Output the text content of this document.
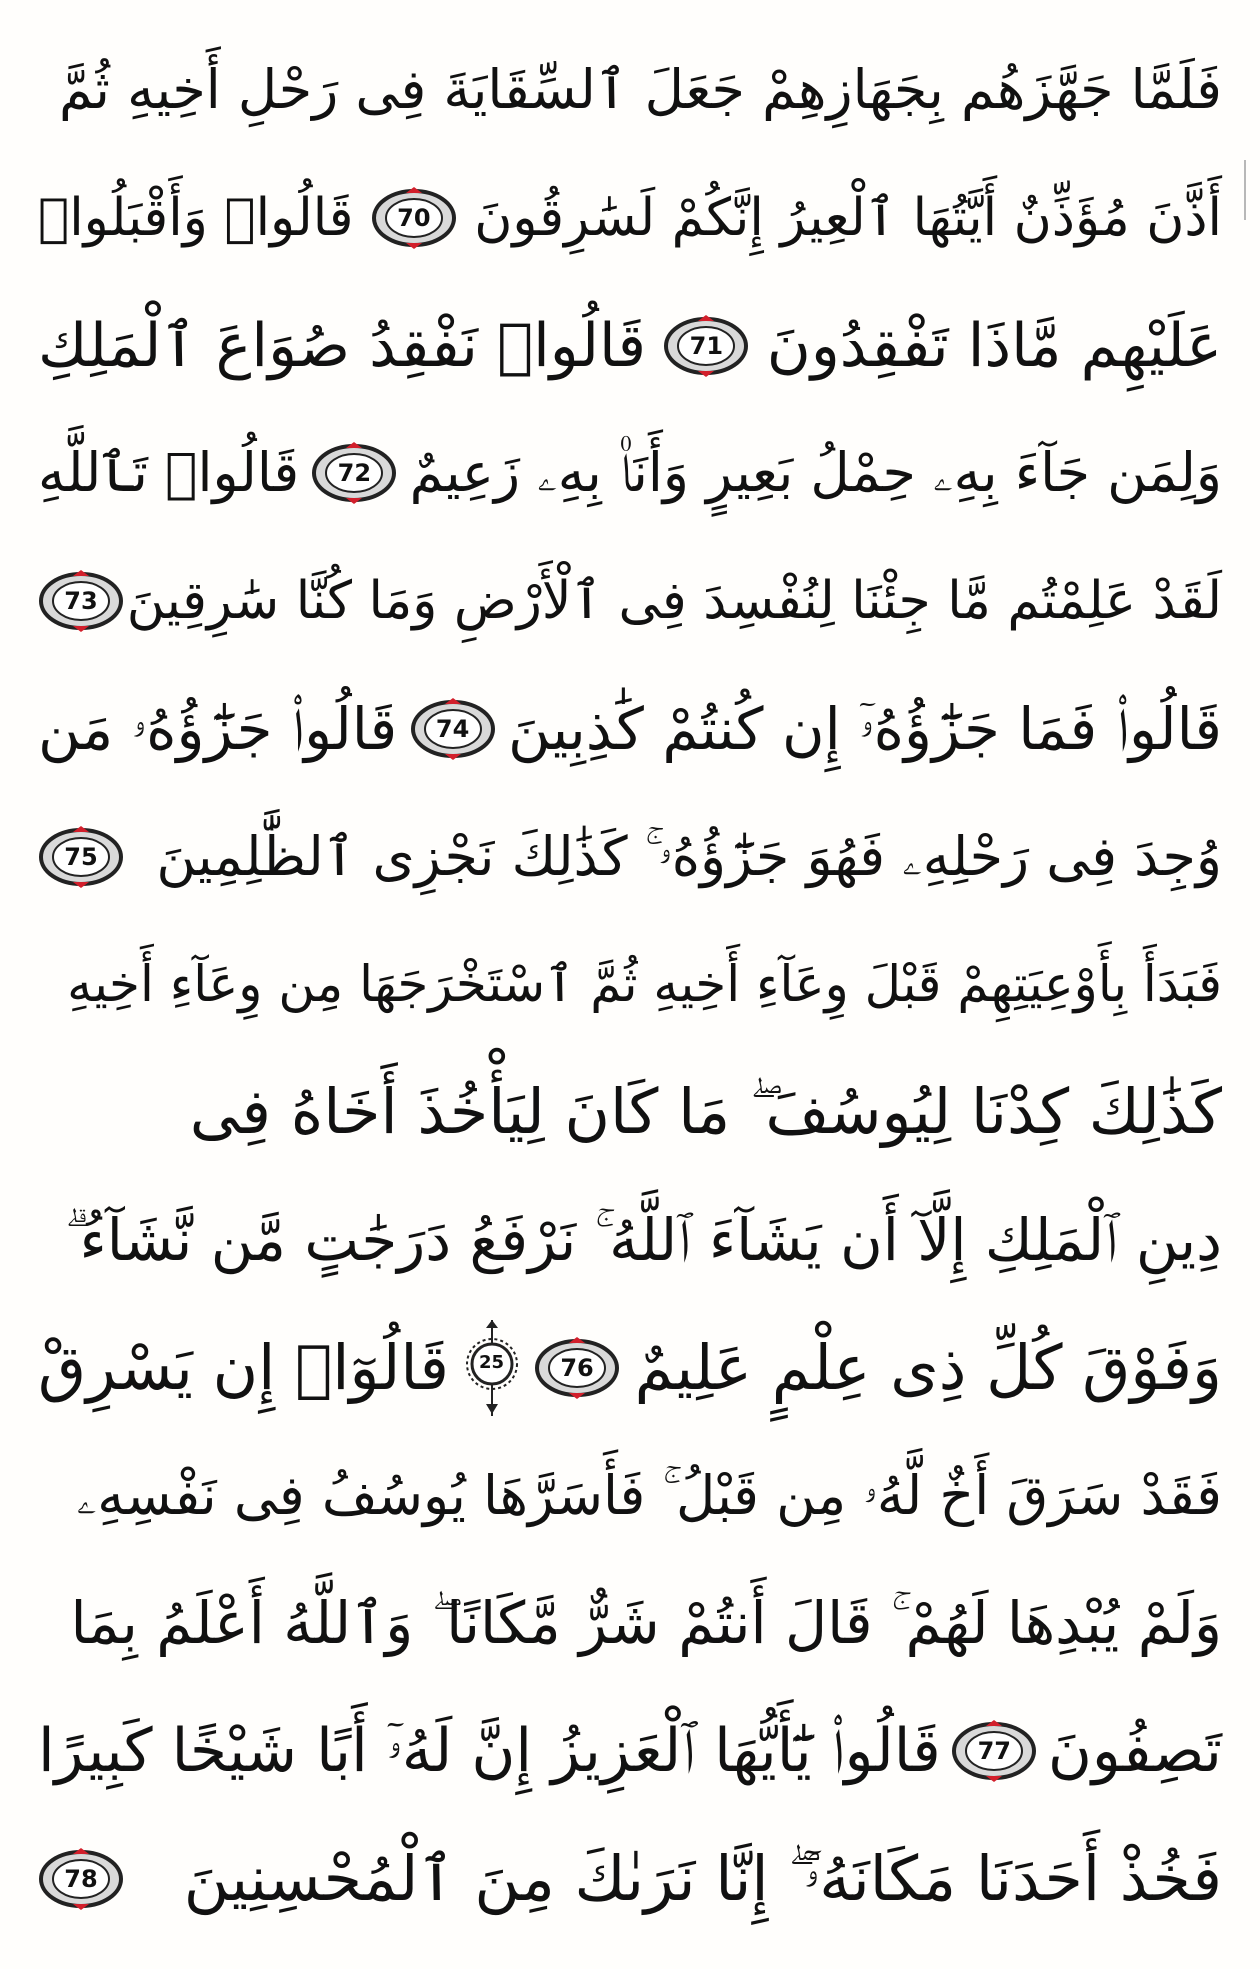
فَلَمَّا جَهَّزَهُم بِجَهَازِهِمْ جَعَلَ ٱلسِّقَايَةَ فِى رَحْلِ أَخِيهِ ثُمَّ
أَذَّنَ مُؤَذِّنٌ أَيَّتُهَا ٱلْعِيرُ إِنَّكُمْ لَسَٰرِقُونَ
70
قَالُوا۟ وَأَقْبَلُوا۟
عَلَيْهِم مَّاذَا تَفْقِدُونَ
71
قَالُوا۟ نَفْقِدُ صُوَاعَ ٱلْمَلِكِ
وَلِمَن جَآءَ بِهِۦ حِمْلُ بَعِيرٍ وَأَنَا۠ بِهِۦ زَعِيمٌ
72
قَالُوا۟ تَٱللَّهِ
لَقَدْ عَلِمْتُم مَّا جِئْنَا لِنُفْسِدَ فِى ٱلْأَرْضِ وَمَا كُنَّا سَٰرِقِينَ
73
قَالُوا۟ فَمَا جَزَٰٓؤُهُۥٓ إِن كُنتُمْ كَٰذِبِينَ
74
قَالُوا۟ جَزَٰٓؤُهُۥ مَن
وُجِدَ فِى رَحْلِهِۦ فَهُوَ جَزَٰٓؤُهُۥ ۚ كَذَٰلِكَ نَجْزِى ٱلظَّٰلِمِينَ
75
فَبَدَأَ بِأَوْعِيَتِهِمْ قَبْلَ وِعَآءِ أَخِيهِ ثُمَّ ٱسْتَخْرَجَهَا مِن وِعَآءِ أَخِيهِ
كَذَٰلِكَ كِدْنَا لِيُوسُفَ ۖ مَا كَانَ لِيَأْخُذَ أَخَاهُ فِى
دِينِ ٱلْمَلِكِ إِلَّآ أَن يَشَآءَ ٱللَّهُ ۚ نَرْفَعُ دَرَجَٰتٍ مَّن نَّشَآءُ ۗ
وَفَوْقَ كُلِّ ذِى عِلْمٍ عَلِيمٌ
76
25
قَالُوٓا۟ إِن يَسْرِقْ
فَقَدْ سَرَقَ أَخٌ لَّهُۥ مِن قَبْلُ ۚ فَأَسَرَّهَا يُوسُفُ فِى نَفْسِهِۦ
وَلَمْ يُبْدِهَا لَهُمْ ۚ قَالَ أَنتُمْ شَرٌّ مَّكَانًا ۖ وَٱللَّهُ أَعْلَمُ بِمَا
تَصِفُونَ
77
قَالُوا۟ يَٰٓأَيُّهَا ٱلْعَزِيزُ إِنَّ لَهُۥٓ أَبًا شَيْخًا كَبِيرًا
فَخُذْ أَحَدَنَا مَكَانَهُۥٓ ۖ إِنَّا نَرَىٰكَ مِنَ ٱلْمُحْسِنِينَ
78
